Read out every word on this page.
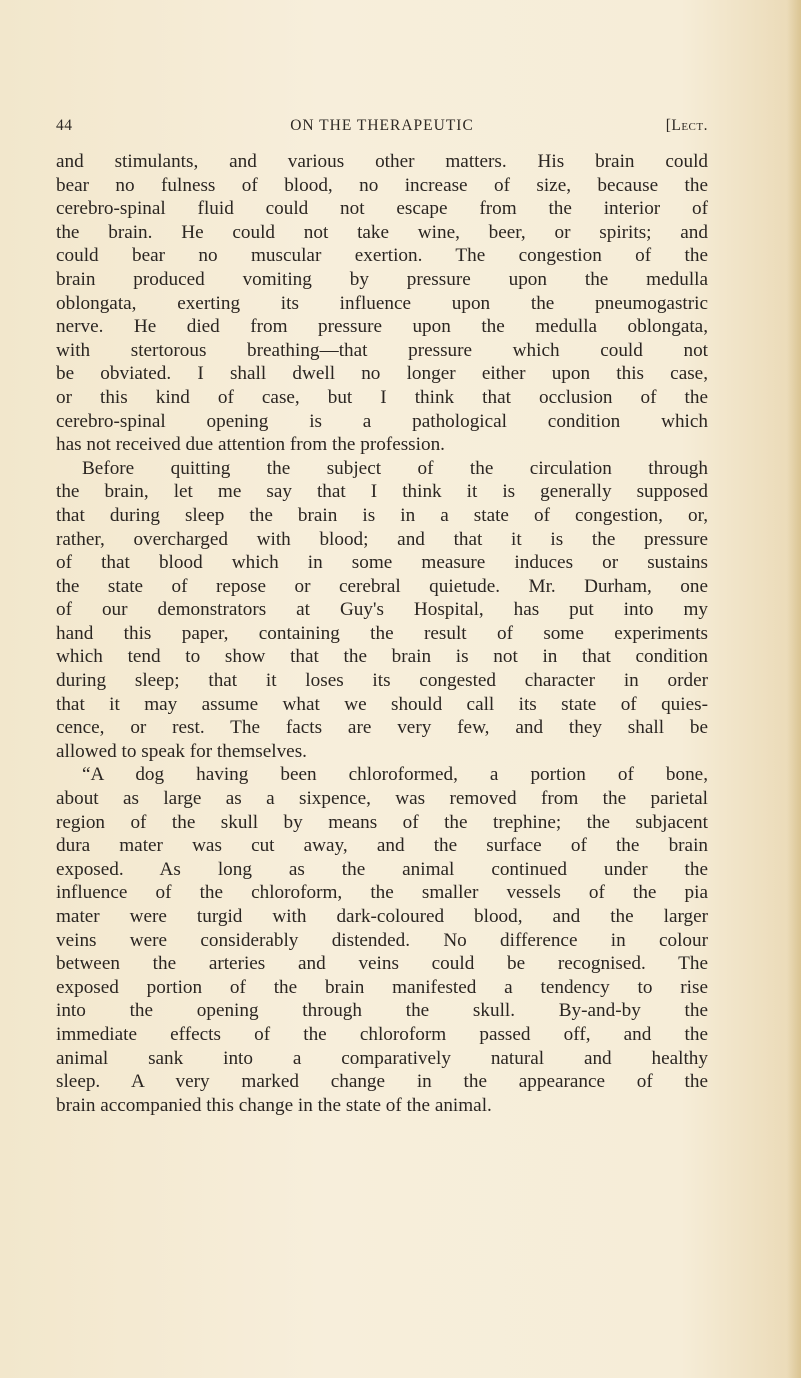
44	ON THE THERAPEUTIC	[Lect.
and stimulants, and various other matters. His brain could
bear no fulness of blood, no increase of size, because the
cerebro-spinal fluid could not escape from the interior of
the brain. He could not take wine, beer, or spirits; and
could bear no muscular exertion. The congestion of the
brain produced vomiting by pressure upon the medulla
oblongata, exerting its influence upon the pneumogastric
nerve. He died from pressure upon the medulla oblongata,
with stertorous breathing—that pressure which could not
be obviated. I shall dwell no longer either upon this case,
or this kind of case, but I think that occlusion of the
cerebro-spinal opening is a pathological condition which
has not received due attention from the profession.
Before quitting the subject of the circulation through
the brain, let me say that I think it is generally supposed
that during sleep the brain is in a state of congestion, or,
rather, overcharged with blood; and that it is the pressure
of that blood which in some measure induces or sustains
the state of repose or cerebral quietude. Mr. Durham, one
of our demonstrators at Guy's Hospital, has put into my
hand this paper, containing the result of some experiments
which tend to show that the brain is not in that condition
during sleep; that it loses its congested character in order
that it may assume what we should call its state of quies-
cence, or rest. The facts are very few, and they shall be
allowed to speak for themselves.
“A dog having been chloroformed, a portion of bone,
about as large as a sixpence, was removed from the parietal
region of the skull by means of the trephine; the subjacent
dura mater was cut away, and the surface of the brain
exposed. As long as the animal continued under the
influence of the chloroform, the smaller vessels of the pia
mater were turgid with dark-coloured blood, and the larger
veins were considerably distended. No difference in colour
between the arteries and veins could be recognised. The
exposed portion of the brain manifested a tendency to rise
into the opening through the skull. By-and-by the
immediate effects of the chloroform passed off, and the
animal sank into a comparatively natural and healthy
sleep. A very marked change in the appearance of the
brain accompanied this change in the state of the animal.
